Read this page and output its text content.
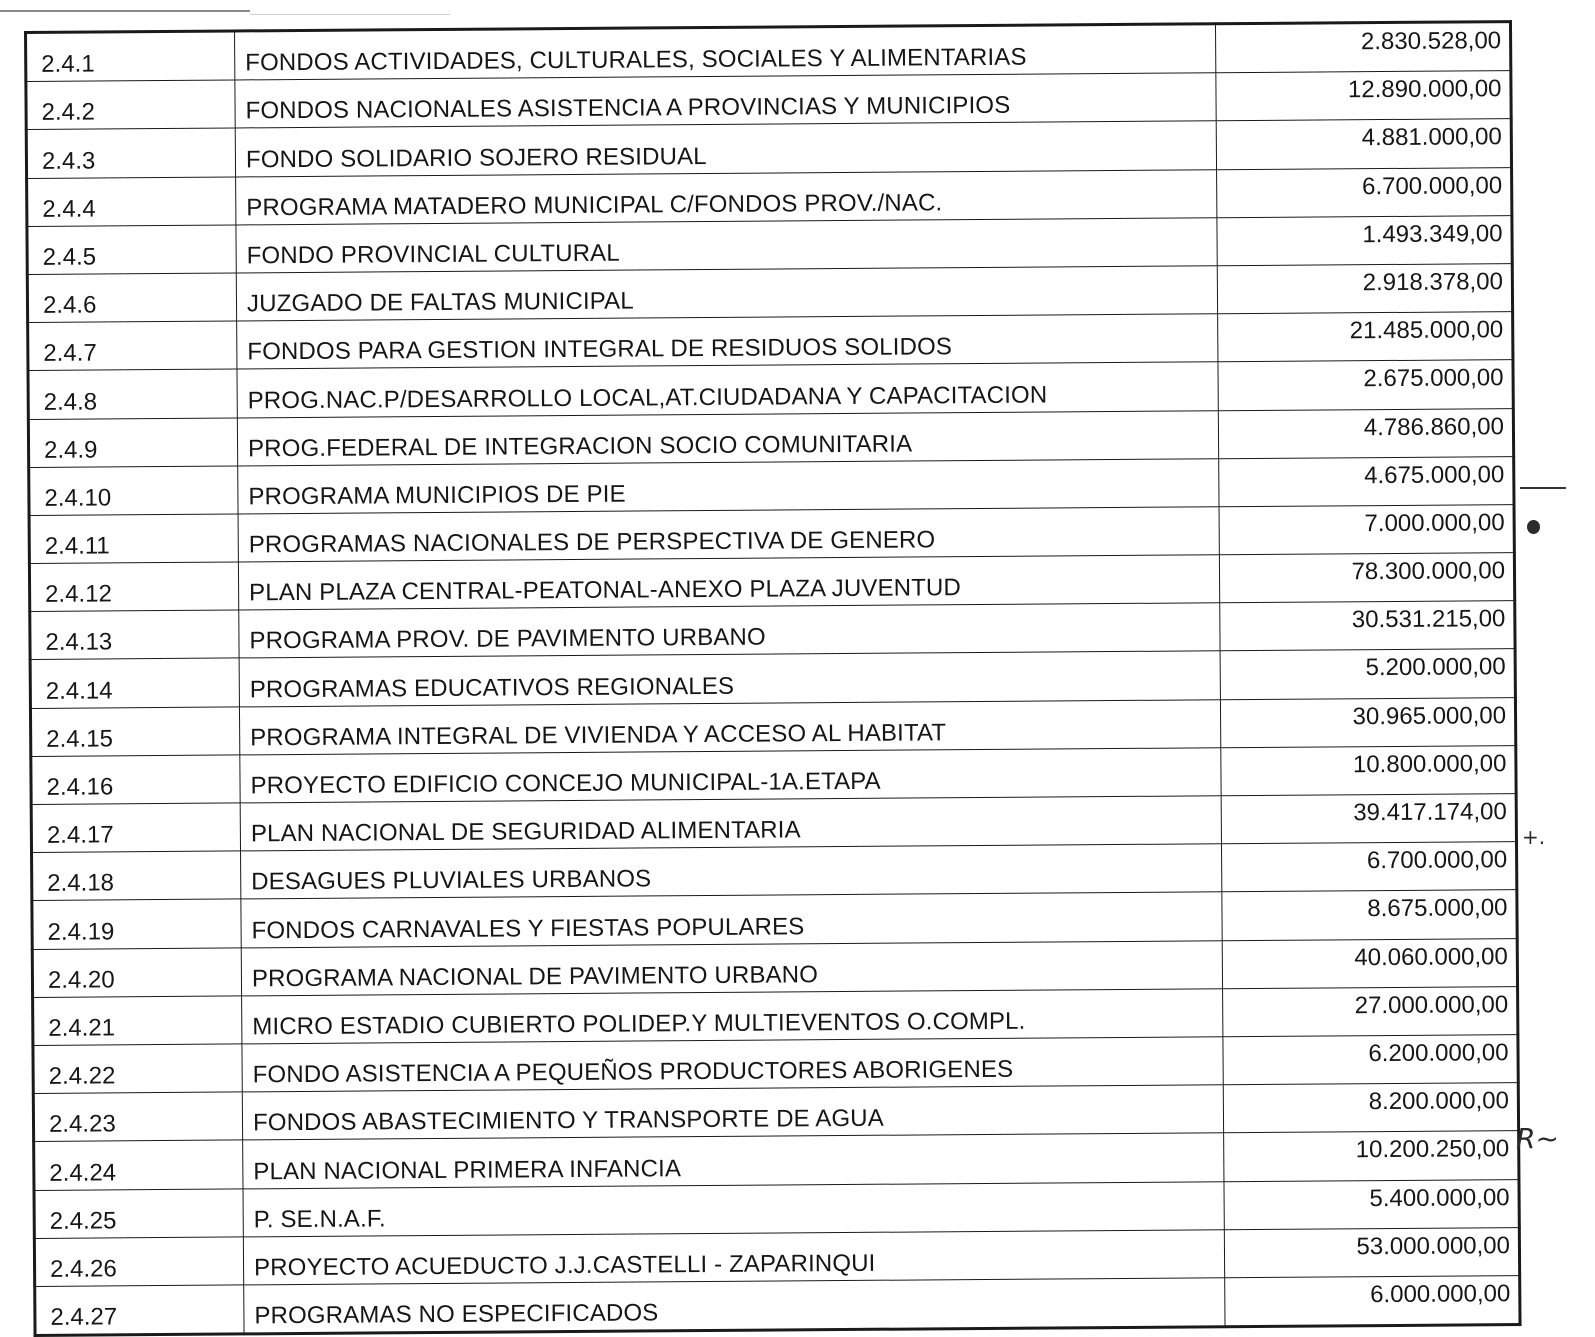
2.4.1	FONDOS ACTIVIDADES, CULTURALES, SOCIALES Y ALIMENTARIAS	2.830.528,00
2.4.2	FONDOS NACIONALES ASISTENCIA A PROVINCIAS Y MUNICIPIOS	12.890.000,00
2.4.3	FONDO SOLIDARIO SOJERO RESIDUAL	4.881.000,00
2.4.4	PROGRAMA MATADERO MUNICIPAL C/FONDOS PROV./NAC.	6.700.000,00
2.4.5	FONDO PROVINCIAL CULTURAL	1.493.349,00
2.4.6	JUZGADO DE FALTAS MUNICIPAL	2.918.378,00
2.4.7	FONDOS PARA GESTION INTEGRAL DE RESIDUOS SOLIDOS	21.485.000,00
2.4.8	PROG.NAC.P/DESARROLLO LOCAL,AT.CIUDADANA Y CAPACITACION	2.675.000,00
2.4.9	PROG.FEDERAL DE INTEGRACION SOCIO COMUNITARIA	4.786.860,00
2.4.10	PROGRAMA MUNICIPIOS DE PIE	4.675.000,00
2.4.11	PROGRAMAS NACIONALES DE PERSPECTIVA DE GENERO	7.000.000,00
2.4.12	PLAN PLAZA CENTRAL-PEATONAL-ANEXO PLAZA JUVENTUD	78.300.000,00
2.4.13	PROGRAMA PROV. DE PAVIMENTO URBANO	30.531.215,00
2.4.14	PROGRAMAS EDUCATIVOS REGIONALES	5.200.000,00
2.4.15	PROGRAMA INTEGRAL DE VIVIENDA Y ACCESO AL HABITAT	30.965.000,00
2.4.16	PROYECTO EDIFICIO CONCEJO MUNICIPAL-1A.ETAPA	10.800.000,00
2.4.17	PLAN NACIONAL DE SEGURIDAD ALIMENTARIA	39.417.174,00
2.4.18	DESAGUES PLUVIALES URBANOS	6.700.000,00
2.4.19	FONDOS CARNAVALES Y FIESTAS POPULARES	8.675.000,00
2.4.20	PROGRAMA NACIONAL DE PAVIMENTO URBANO	40.060.000,00
2.4.21	MICRO ESTADIO CUBIERTO POLIDEP.Y MULTIEVENTOS O.COMPL.	27.000.000,00
2.4.22	FONDO ASISTENCIA A PEQUEÑOS PRODUCTORES ABORIGENES	6.200.000,00
2.4.23	FONDOS ABASTECIMIENTO Y TRANSPORTE DE AGUA	8.200.000,00
2.4.24	PLAN NACIONAL PRIMERA INFANCIA	10.200.250,00
2.4.25	P. SE.N.A.F.	5.400.000,00
2.4.26	PROYECTO ACUEDUCTO J.J.CASTELLI - ZAPARINQUI	53.000.000,00
2.4.27	PROGRAMAS NO ESPECIFICADOS	6.000.000,00
+.
R~
